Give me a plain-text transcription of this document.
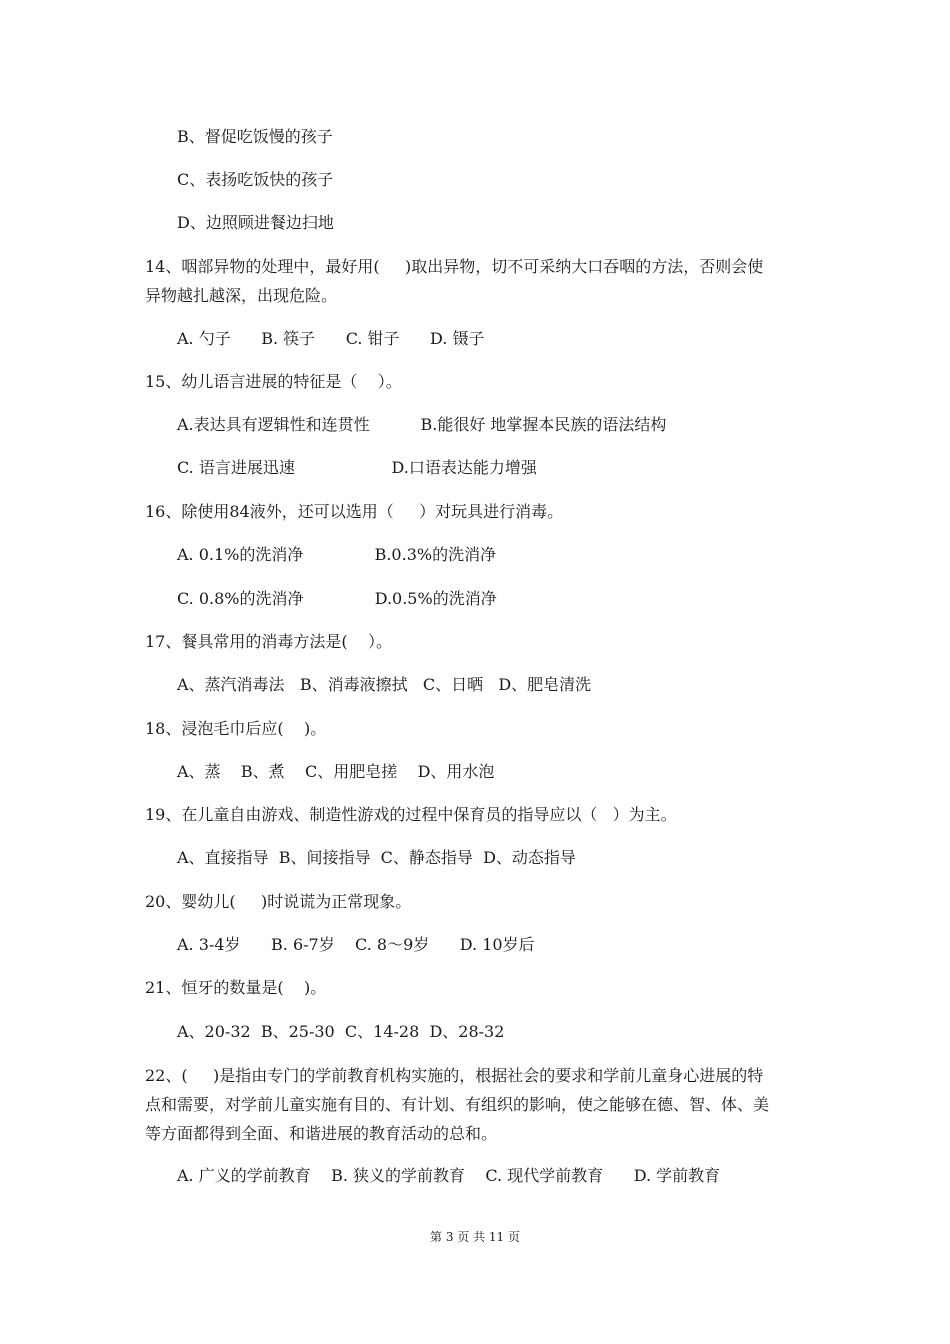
B、督促吃饭慢的孩子
C、表扬吃饭快的孩子
D、边照顾进餐边扫地
14、咽部异物的处理中，最好用(     )取出异物，切不可采纳大口吞咽的方法，否则会使
异物越扎越深，出现危险。
A. 勺子      B. 筷子      C. 钳子      D. 镊子
15、幼儿语言进展的特征是（    ）。
A.表达具有逻辑性和连贯性          B.能很好 地掌握本民族的语法结构
C. 语言进展迅速                   D.口语表达能力增强
16、除使用84液外，还可以选用（     ）对玩具进行消毒。
A. 0.1%的洗消净              B.0.3%的洗消净
C. 0.8%的洗消净              D.0.5%的洗消净
17、餐具常用的消毒方法是(    ）。
A、蒸汽消毒法   B、消毒液擦拭   C、日晒   D、肥皂清洗
18、浸泡毛巾后应(    )。
A、蒸    B、煮    C、用肥皂搓    D、用水泡
19、在儿童自由游戏、制造性游戏的过程中保育员的指导应以（   ）为主。
A、直接指导  B、间接指导  C、静态指导  D、动态指导
20、婴幼儿(     )时说谎为正常现象。
A. 3-4岁      B. 6-7岁    C. 8～9岁      D. 10岁后
21、恒牙的数量是(    )。
A、20-32  B、25-30  C、14-28  D、28-32
22、(     )是指由专门的学前教育机构实施的，根据社会的要求和学前儿童身心进展的特
点和需要，对学前儿童实施有目的、有计划、有组织的影响，使之能够在德、智、体、美
等方面都得到全面、和谐进展的教育活动的总和。
A. 广义的学前教育    B. 狭义的学前教育    C. 现代学前教育      D. 学前教育
第 3 页 共 11 页
